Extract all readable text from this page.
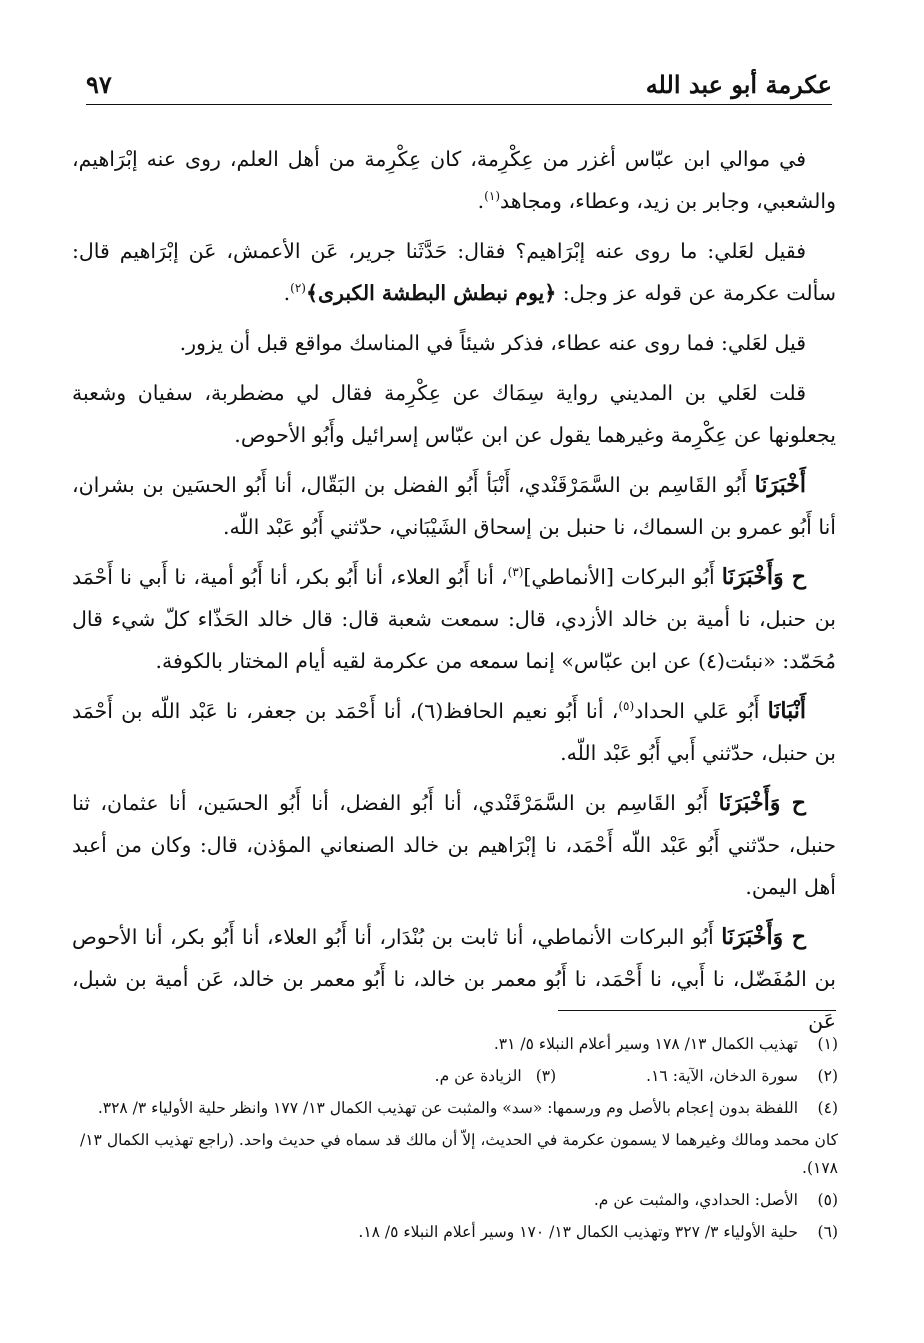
عكرمة أبو عبد الله
٩٧

في موالي ابن عبّاس أغزر من عِكْرِمة، كان عِكْرِمة من أهل العلم، روى عنه إبْرَاهيم، والشعبي، وجابر بن زيد، وعطاء، ومجاهد$^{(١)}$.

فقيل لعَلي: ما روى عنه إبْرَاهيم؟ فقال: حَدَّثَنا جرير، عَن الأعمش، عَن إبْرَاهيم قال: سألت عكرمة عن قوله عز وجل: ﴿يوم نبطش البطشة الكبرى﴾$^{(٢)}$.

قيل لعَلي: فما روى عنه عطاء، فذكر شيئاً في المناسك مواقع قبل أن يزور.

قلت لعَلي بن المديني رواية سِمَاك عن عِكْرِمة فقال لي مضطربة، سفيان وشعبة يجعلونها عن عِكْرِمة وغيرهما يقول عن ابن عبّاس إسرائيل وأَبُو الأحوص.

أَخْبَرَنَا أَبُو القَاسِم بن السَّمَرْقَنْدي، أَنْبَأ أَبُو الفضل بن البَقّال، أنا أَبُو الحسَين بن بشران، أنا أَبُو عمرو بن السماك، نا حنبل بن إسحاق الشَيْبَاني، حدّثني أَبُو عَبْد اللّه.

ح وَأَخْبَرَنَا أَبُو البركات [الأنماطي]$^{(٣)}$، أنا أَبُو العلاء، أنا أَبُو بكر، أنا أَبُو أمية، نا أَبي نا أَحْمَد بن حنبل، نا أمية بن خالد الأزدي، قال: سمعت شعبة قال: قال خالد الحَذّاء كلّ شيء قال مُحَمّد: «نبئت(٤) عن ابن عبّاس» إنما سمعه من عكرمة لقيه أيام المختار بالكوفة.

أَنْبَانَا أَبُو عَلي الحداد$^{(٥)}$، أنا أَبُو نعيم الحافظ(٦)، أنا أَحْمَد بن جعفر، نا عَبْد اللّه بن أَحْمَد بن حنبل، حدّثني أَبي أَبُو عَبْد اللّه.

ح وَأَخْبَرَنَا أَبُو القَاسِم بن السَّمَرْقَنْدي، أنا أَبُو الفضل، أنا أَبُو الحسَين، أنا عثمان، ثنا حنبل، حدّثني أَبُو عَبْد اللّه أَحْمَد، نا إبْرَاهيم بن خالد الصنعاني المؤذن، قال: وكان من أعبد أهل اليمن.

ح وَأَخْبَرَنَا أَبُو البركات الأنماطي، أنا ثابت بن بُنْدَار، أنا أَبُو العلاء، أنا أَبُو بكر، أنا الأحوص بن المُفَضّل، نا أَبي، نا أَحْمَد، نا أَبُو معمر بن خالد، نا أَبُو معمر بن خالد، عَن أمية بن شبل، عَن

(١)
تهذيب الكمال ١٣/ ١٧٨ وسير أعلام النبلاء ٥/ ٣١.
(٢)
سورة الدخان، الآية: ١٦.
(٣)
الزيادة عن م.
(٤)
اللفظة بدون إعجام بالأصل وم ورسمها: «سد» والمثبت عن تهذيب الكمال ١٣/ ١٧٧ وانظر حلية الأولياء ٣/ ٣٢٨.
كان محمد ومالك وغيرهما لا يسمون عكرمة في الحديث، إلاّ أن مالك قد سماه في حديث واحد. (راجع تهذيب الكمال ١٣/ ١٧٨).
(٥)
الأصل: الحدادي، والمثبت عن م.
(٦)
حلية الأولياء ٣/ ٣٢٧ وتهذيب الكمال ١٣/ ١٧٠ وسير أعلام النبلاء ٥/ ١٨.
